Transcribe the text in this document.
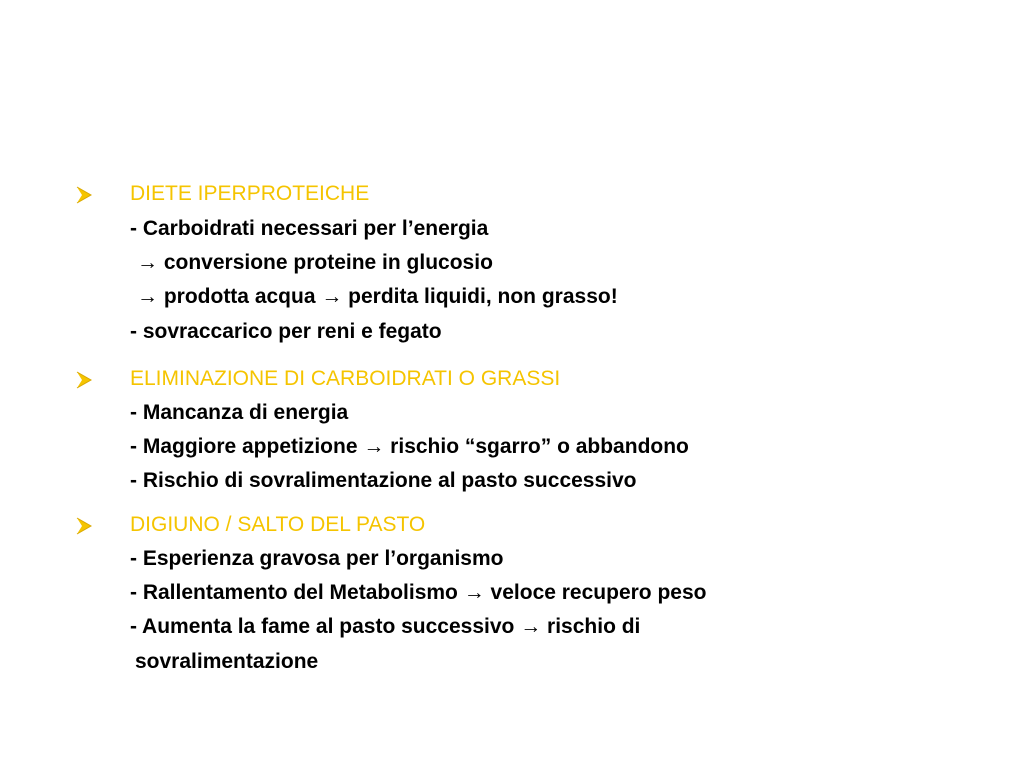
DIETE IPERPROTEICHE
- Carboidrati necessari per l’energia
→ conversione proteine in glucosio
→ prodotta acqua → perdita liquidi, non grasso!
- sovraccarico per reni e fegato
ELIMINAZIONE DI CARBOIDRATI O GRASSI
- Mancanza di energia
- Maggiore appetizione → rischio “sgarro” o abbandono
- Rischio di sovralimentazione al pasto successivo
DIGIUNO / SALTO DEL PASTO
- Esperienza gravosa per l’organismo
- Rallentamento del Metabolismo → veloce recupero peso
- Aumenta la fame al pasto successivo → rischio di
sovralimentazione
